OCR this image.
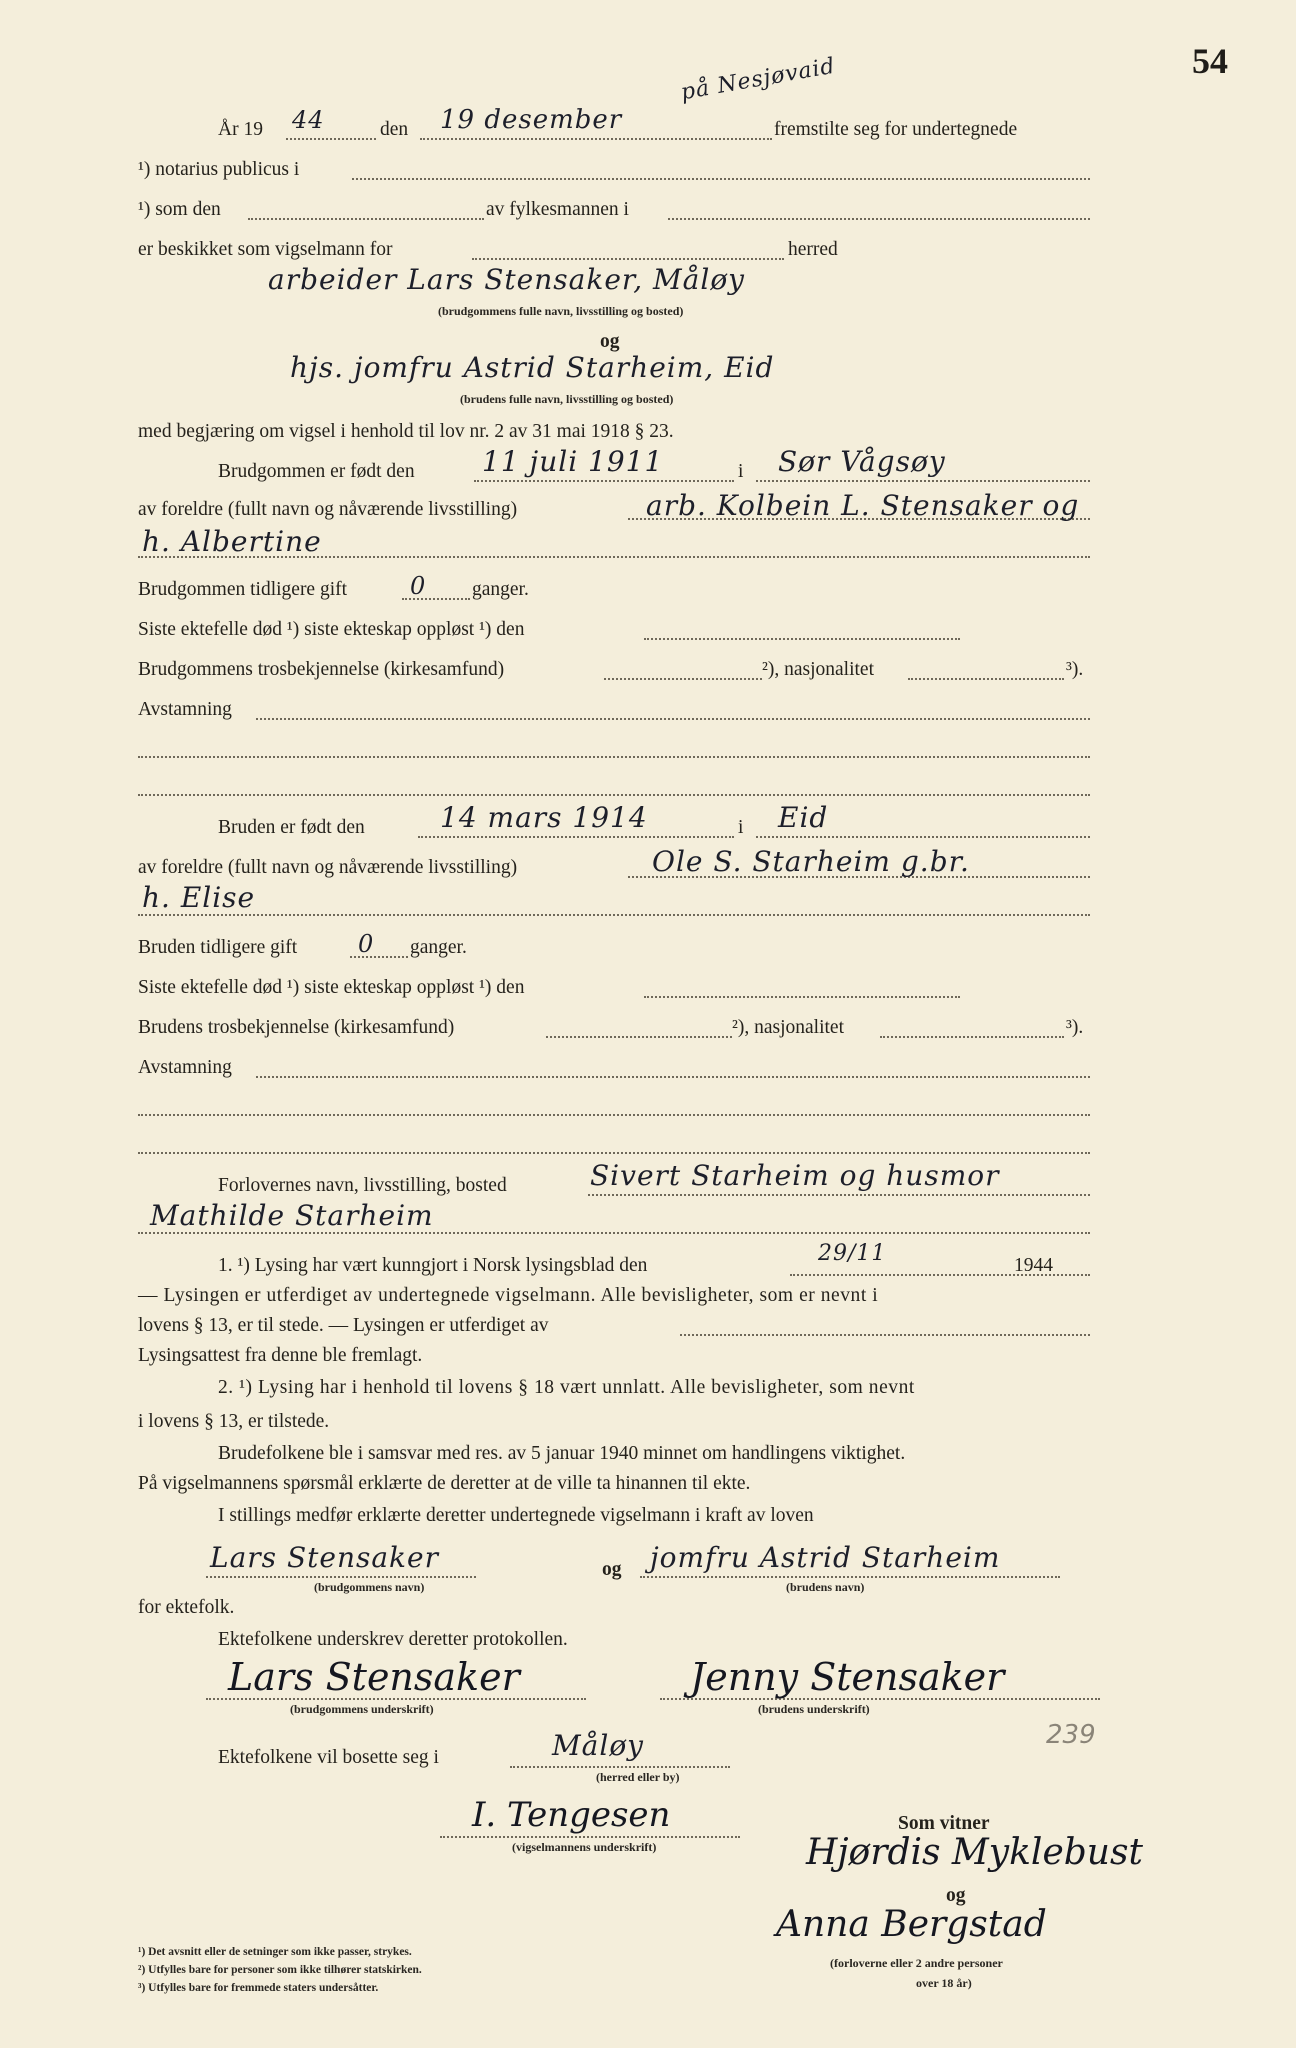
54
År 19 44	den 19 desember
på Nesjøvaid
fremstilte seg for undertegnede
¹) notarius publicus i
¹) som den	av fylkesmannen i
er beskikket som vigselmann for	herred
arbeider Lars Stensaker, Måløy
(brudgommens fulle navn, livsstilling og bosted)
og
hjs. jomfru Astrid Starheim, Eid
(brudens fulle navn, livsstilling og bosted)
med begjæring om vigsel i henhold til lov nr. 2 av 31 mai 1918 § 23.
Brudgommen er født den 11 juli 1911	i Sør Vågsøy
av foreldre (fullt navn og nåværende livsstilling)	arb. Kolbein L. Stensaker og
h. Albertine
Brudgommen tidligere gift	0 ganger.
Siste ektefelle død ¹) siste ekteskap oppløst ¹) den
Brudgommens trosbekjennelse (kirkesamfund)	²), nasjonalitet	³).
Avstamning
Bruden er født den	14 mars 1914	i Eid
av foreldre (fullt navn og nåværende livsstilling)	Ole S. Starheim g.br.
h. Elise
Bruden tidligere gift	0 ganger.
Siste ektefelle død ¹) siste ekteskap oppløst ¹) den
Brudens trosbekjennelse (kirkesamfund)	²), nasjonalitet	³).
Avstamning
Forlovernes navn, livsstilling, bosted	Sivert Starheim og husmor
Mathilde Starheim
1. ¹) Lysing har vært kunngjort i Norsk lysingsblad den	29/11	1944
— Lysingen er utferdiget av undertegnede vigselmann. Alle bevisligheter, som er nevnt i
lovens § 13, er til stede. — Lysingen er utferdiget av
Lysingsattest fra denne ble fremlagt.
2. ¹) Lysing har i henhold til lovens § 18 vært unnlatt. Alle bevisligheter, som nevnt
i lovens § 13, er tilstede.
Brudefolkene ble i samsvar med res. av 5 januar 1940 minnet om handlingens viktighet.
På vigselmannens spørsmål erklærte de deretter at de ville ta hinannen til ekte.
I stillings medfør erklærte deretter undertegnede vigselmann i kraft av loven
Lars Stensaker
(brudgommens navn)
og jomfru Astrid Starheim
(brudens navn)
for ektefolk.
Ektefolkene underskrev deretter protokollen.
Lars Stensaker
(brudgommens underskrift)
Jenny Stensaker
(brudens underskrift)
239
Ektefolkene vil bosette seg i	Måløy
(herred eller by)
I. Tengesen
(vigselmannens underskrift)
Som vitner
Hjørdis Myklebust
og
Anna Bergstad
(forloverne eller 2 andre personer
over 18 år)
¹) Det avsnitt eller de setninger som ikke passer, strykes.
²) Utfylles bare for personer som ikke tilhører statskirken.
³) Utfylles bare for fremmede staters undersåtter.
